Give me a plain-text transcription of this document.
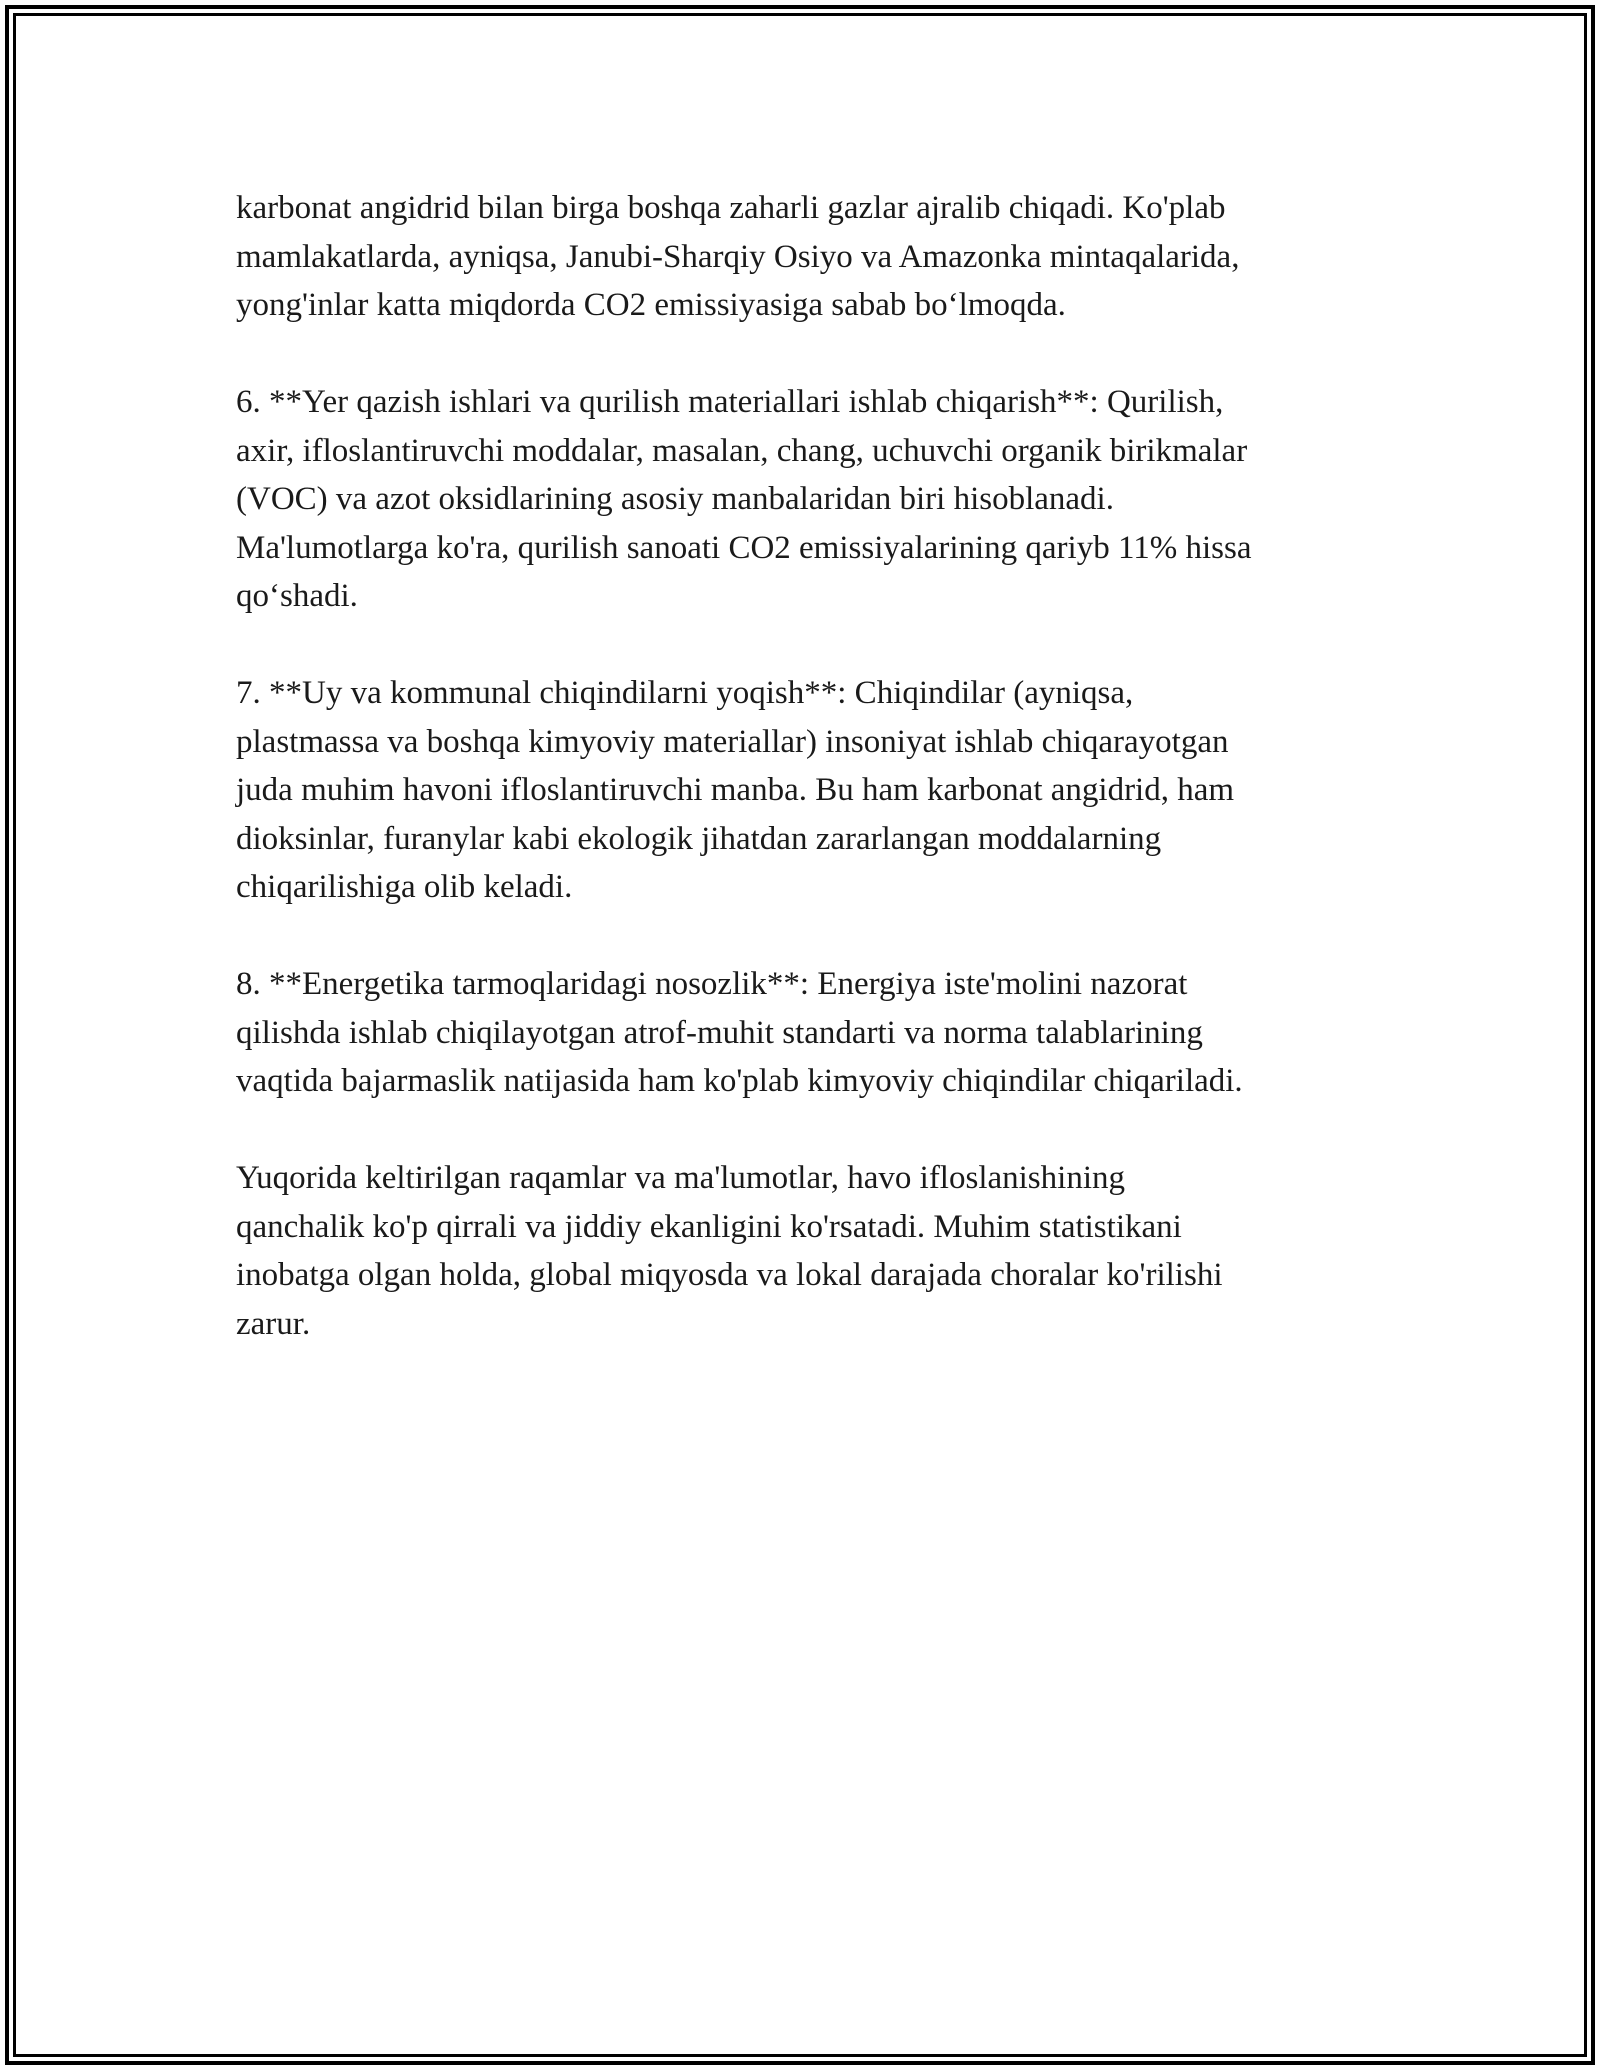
karbonat angidrid bilan birga boshqa zaharli gazlar ajralib chiqadi. Ko'plab
mamlakatlarda, ayniqsa, Janubi-Sharqiy Osiyo va Amazonka mintaqalarida,
yong'inlar katta miqdorda CO2 emissiyasiga sabab bo‘lmoqda.

6. **Yer qazish ishlari va qurilish materiallari ishlab chiqarish**: Qurilish,
axir, ifloslantiruvchi moddalar, masalan, chang, uchuvchi organik birikmalar
(VOC) va azot oksidlarining asosiy manbalaridan biri hisoblanadi.
Ma'lumotlarga ko'ra, qurilish sanoati CO2 emissiyalarining qariyb 11% hissa
qo‘shadi.

7. **Uy va kommunal chiqindilarni yoqish**: Chiqindilar (ayniqsa,
plastmassa va boshqa kimyoviy materiallar) insoniyat ishlab chiqarayotgan
juda muhim havoni ifloslantiruvchi manba. Bu ham karbonat angidrid, ham
dioksinlar, furanylar kabi ekologik jihatdan zararlangan moddalarning
chiqarilishiga olib keladi.

8. **Energetika tarmoqlaridagi nosozlik**: Energiya iste'molini nazorat
qilishda ishlab chiqilayotgan atrof-muhit standarti va norma talablarining
vaqtida bajarmaslik natijasida ham ko'plab kimyoviy chiqindilar chiqariladi.

Yuqorida keltirilgan raqamlar va ma'lumotlar, havo ifloslanishining
qanchalik ko'p qirrali va jiddiy ekanligini ko'rsatadi. Muhim statistikani
inobatga olgan holda, global miqyosda va lokal darajada choralar ko'rilishi
zarur.
